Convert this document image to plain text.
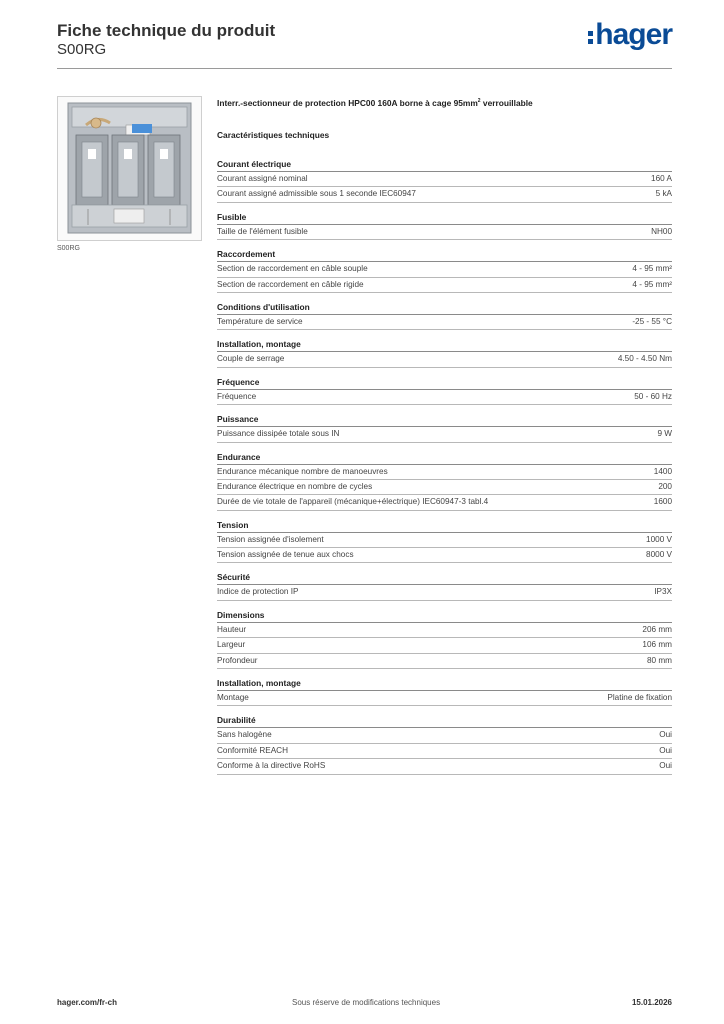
Fiche technique du produit
S00RG	hager
S00RG
Interr.-sectionneur de protection HPC00 160A borne à cage $95mm^2$ verrouillable
Caractéristiques techniques
Courant électrique
Courant assigné nominal	160 A
Courant assigné admissible sous 1 seconde IEC60947	5 kA
Fusible
Taille de l'élément fusible	NH00
Raccordement
Section de raccordement en câble souple	4 - 95 mm²
Section de raccordement en câble rigide	4 - 95 mm²
Conditions d'utilisation
Température de service	-25 - 55 °C
Installation, montage
Couple de serrage	4.50 - 4.50 Nm
Fréquence
Fréquence	50 - 60 Hz
Puissance
Puissance dissipée totale sous IN	9 W
Endurance
Endurance mécanique nombre de manoeuvres	1400
Endurance électrique en nombre de cycles	200
Durée de vie totale de l'appareil (mécanique+électrique) IEC60947-3 tabl.4	1600
Tension
Tension assignée d'isolement	1000 V
Tension assignée de tenue aux chocs	8000 V
Sécurité
Indice de protection IP	IP3X
Dimensions
Hauteur	206 mm
Largeur	106 mm
Profondeur	80 mm
Installation, montage
Montage	Platine de fixation
Durabilité
Sans halogène	Oui
Conformité REACH	Oui
Conforme à la directive RoHS	Oui
hager.com/fr-ch	Sous réserve de modifications techniques	15.01.2026
